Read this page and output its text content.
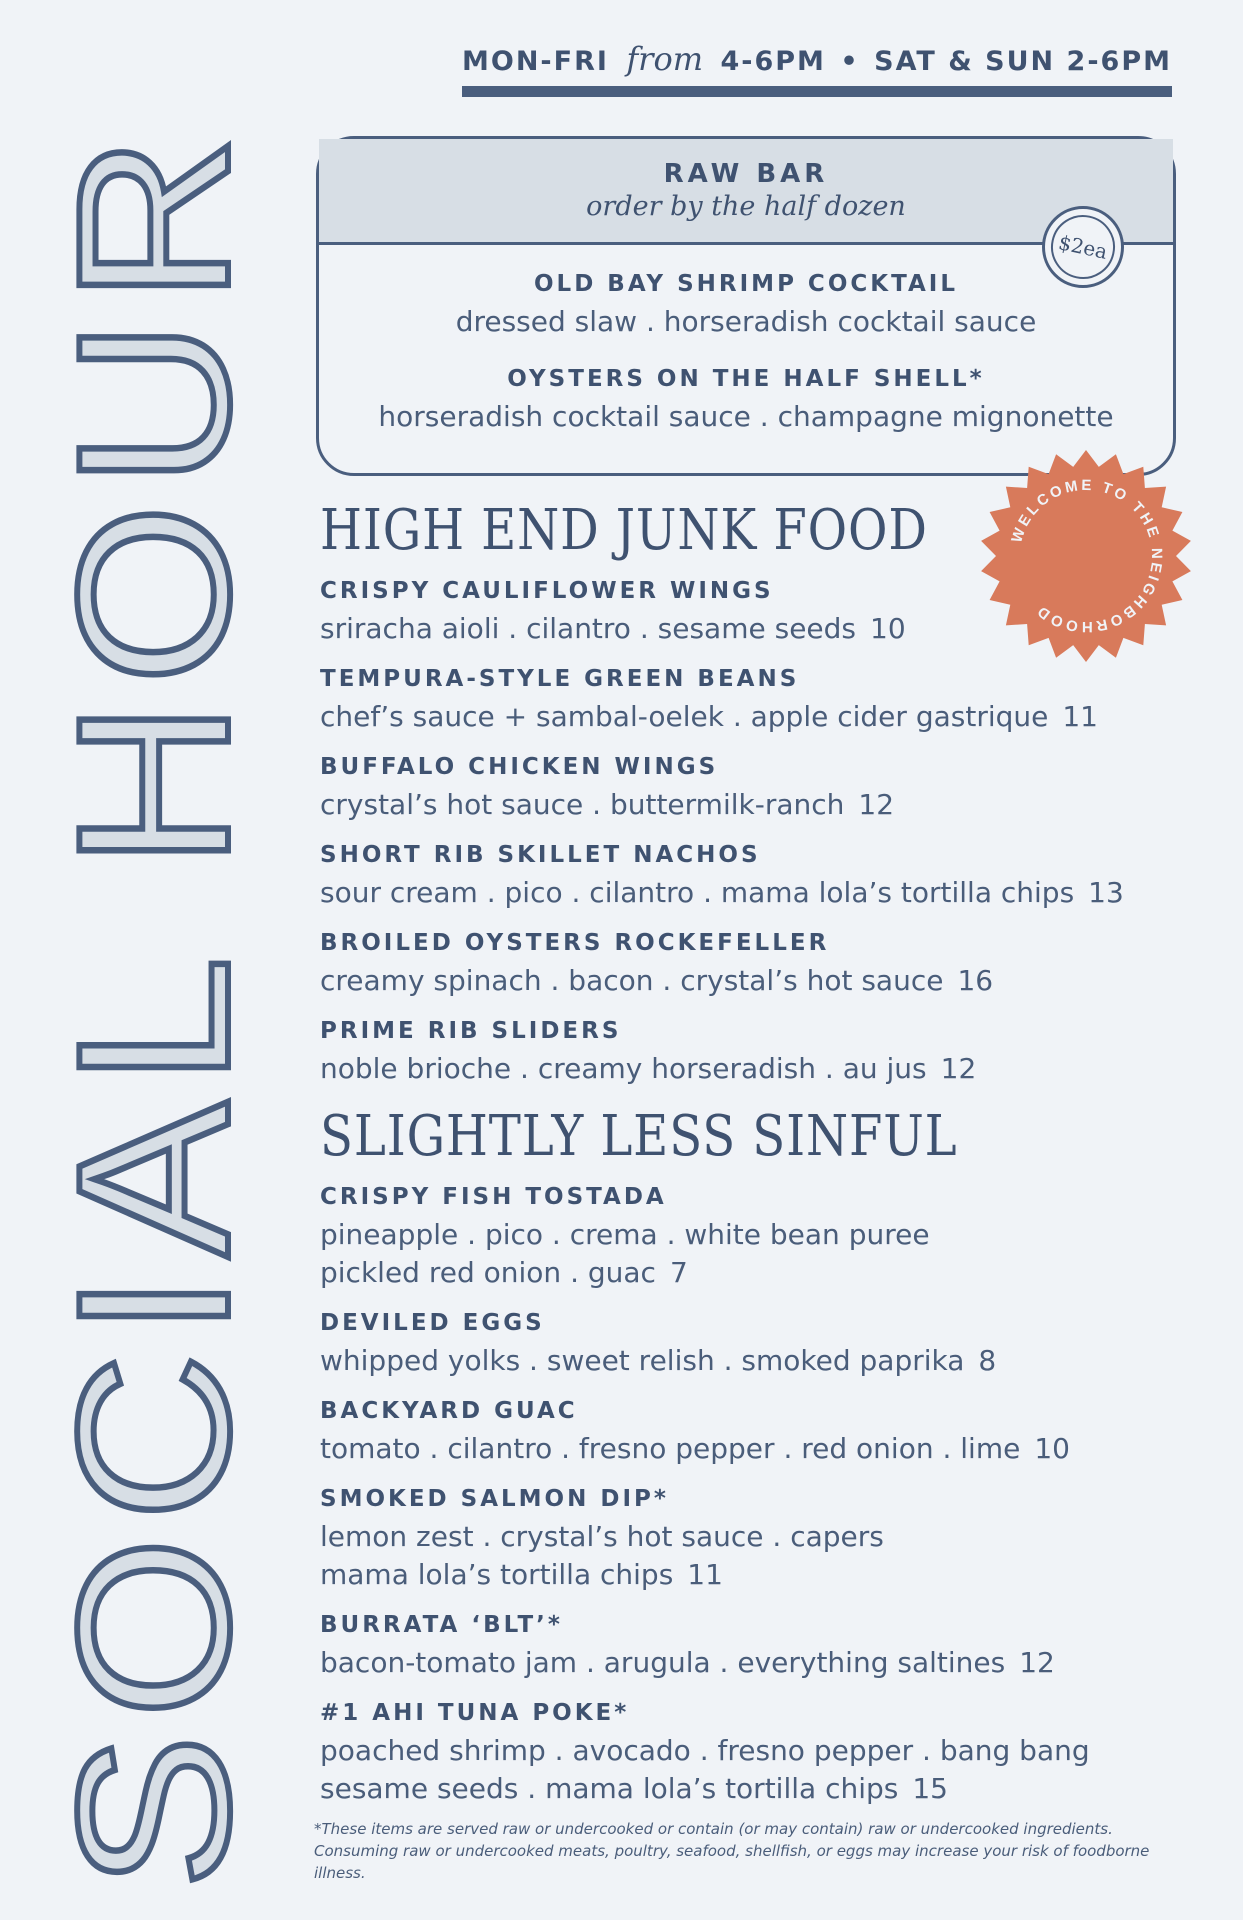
SOCIAL HOUR
MON-FRI from 4-6PM • SAT & SUN 2-6PM
RAW BAR
order by the half dozen
OLD BAY SHRIMP COCKTAIL
dressed slaw . horseradish cocktail sauce
OYSTERS ON THE HALF SHELL*
horseradish cocktail sauce . champagne mignonette
$2ea
WELCOME TO THE NEIGHBORHOOD
HIGH END JUNK FOOD
CRISPY CAULIFLOWER WINGS
sriracha aioli . cilantro . sesame seeds 10
TEMPURA-STYLE GREEN BEANS
chef’s sauce + sambal-oelek . apple cider gastrique 11
BUFFALO CHICKEN WINGS
crystal’s hot sauce . buttermilk-ranch 12
SHORT RIB SKILLET NACHOS
sour cream . pico . cilantro . mama lola’s tortilla chips 13
BROILED OYSTERS ROCKEFELLER
creamy spinach . bacon . crystal’s hot sauce 16
PRIME RIB SLIDERS
noble brioche . creamy horseradish . au jus 12
SLIGHTLY LESS SINFUL
CRISPY FISH TOSTADA
pineapple . pico . crema . white bean puree
pickled red onion . guac 7
DEVILED EGGS
whipped yolks . sweet relish . smoked paprika 8
BACKYARD GUAC
tomato . cilantro . fresno pepper . red onion . lime 10
SMOKED SALMON DIP*
lemon zest . crystal’s hot sauce . capers
mama lola’s tortilla chips 11
BURRATA ‘BLT’*
bacon-tomato jam . arugula . everything saltines 12
#1 AHI TUNA POKE*
poached shrimp . avocado . fresno pepper . bang bang
sesame seeds . mama lola’s tortilla chips 15
*These items are served raw or undercooked or contain (or may contain) raw or undercooked ingredients. Consuming raw or undercooked meats, poultry, seafood, shellfish, or eggs may increase your risk of foodborne illness.
